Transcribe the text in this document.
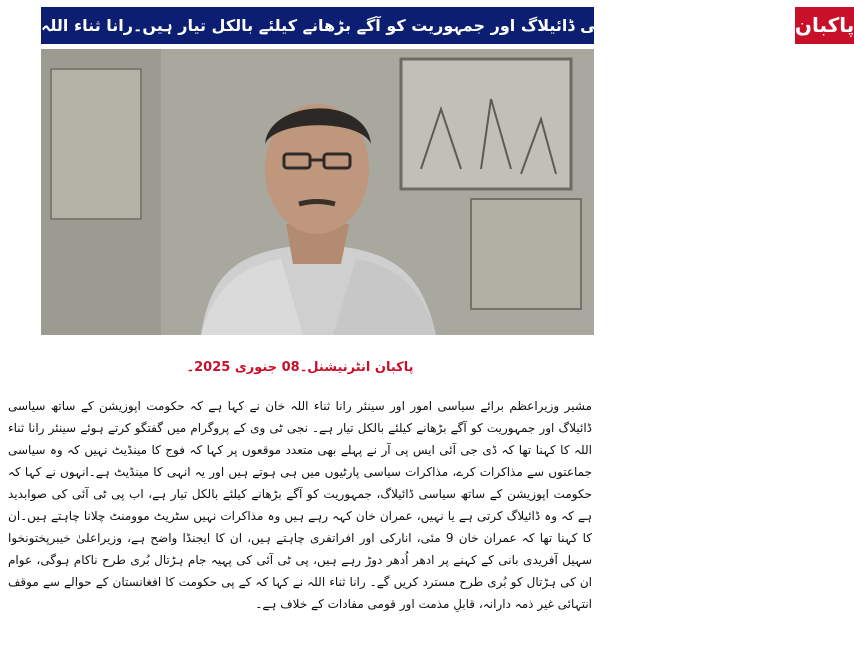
اپوزیشن کے ساتھ سیاسی ڈائیلاگ اور جمہوریت کو آگے بڑھانے کیلئے بالکل تیار ہیں۔رانا ثناء اللہ پاکبان
پاکبان انٹرنیشنل۔08 جنوری 2025۔

مشیر وزیراعظم برائے سیاسی امور اور سینئر رانا ثناء اللہ خان نے کہا ہے کہ حکومت اپوزیشن کے ساتھ سیاسی ڈائیلاگ اور جمہوریت کو آگے بڑھانے کیلئے بالکل تیار ہے۔ نجی ٹی وی کے پروگرام میں گفتگو کرتے ہوئے سینئر رانا ثناء اللہ کا کہنا تھا کہ ڈی جی آئی ایس پی آر نے پہلے بھی متعدد موقعوں پر کہا کہ فوج کا مینڈیٹ نہیں کہ وہ سیاسی جماعتوں سے مذاکرات کرے، مذاکرات سیاسی پارٹیوں میں ہی ہوتے ہیں اور یہ انہی کا مینڈیٹ ہے۔انہوں نے کہا کہ حکومت اپوزیشن کے ساتھ سیاسی ڈائیلاگ، جمہوریت کو آگے بڑھانے کیلئے بالکل تیار ہے، اب پی ٹی آئی کی صوابدید ہے کہ وہ ڈائیلاگ کرتی ہے یا نہیں، عمران خان کہہ رہے ہیں وہ مذاکرات نہیں سٹریٹ موومنٹ چلانا چاہتے ہیں۔ان کا کہنا تھا کہ عمران خان 9 مئی، انارکی اور افراتفری چاہتے ہیں، ان کا ایجنڈا واضح ہے، وزیراعلیٰ خیبرپختونخوا سہیل آفریدی بانی کے کہنے پر ادھر اُدھر دوڑ رہے ہیں، پی ٹی آئی کی پہیہ جام ہڑتال بُری طرح ناکام ہوگی، عوام ان کی ہڑتال کو بُری طرح مسترد کریں گے۔ رانا ثناء اللہ نے کہا کہ کے پی حکومت کا افغانستان کے حوالے سے موقف انتہائی غیر ذمہ دارانہ، قابلِ مذمت اور قومی مفادات کے خلاف ہے۔
